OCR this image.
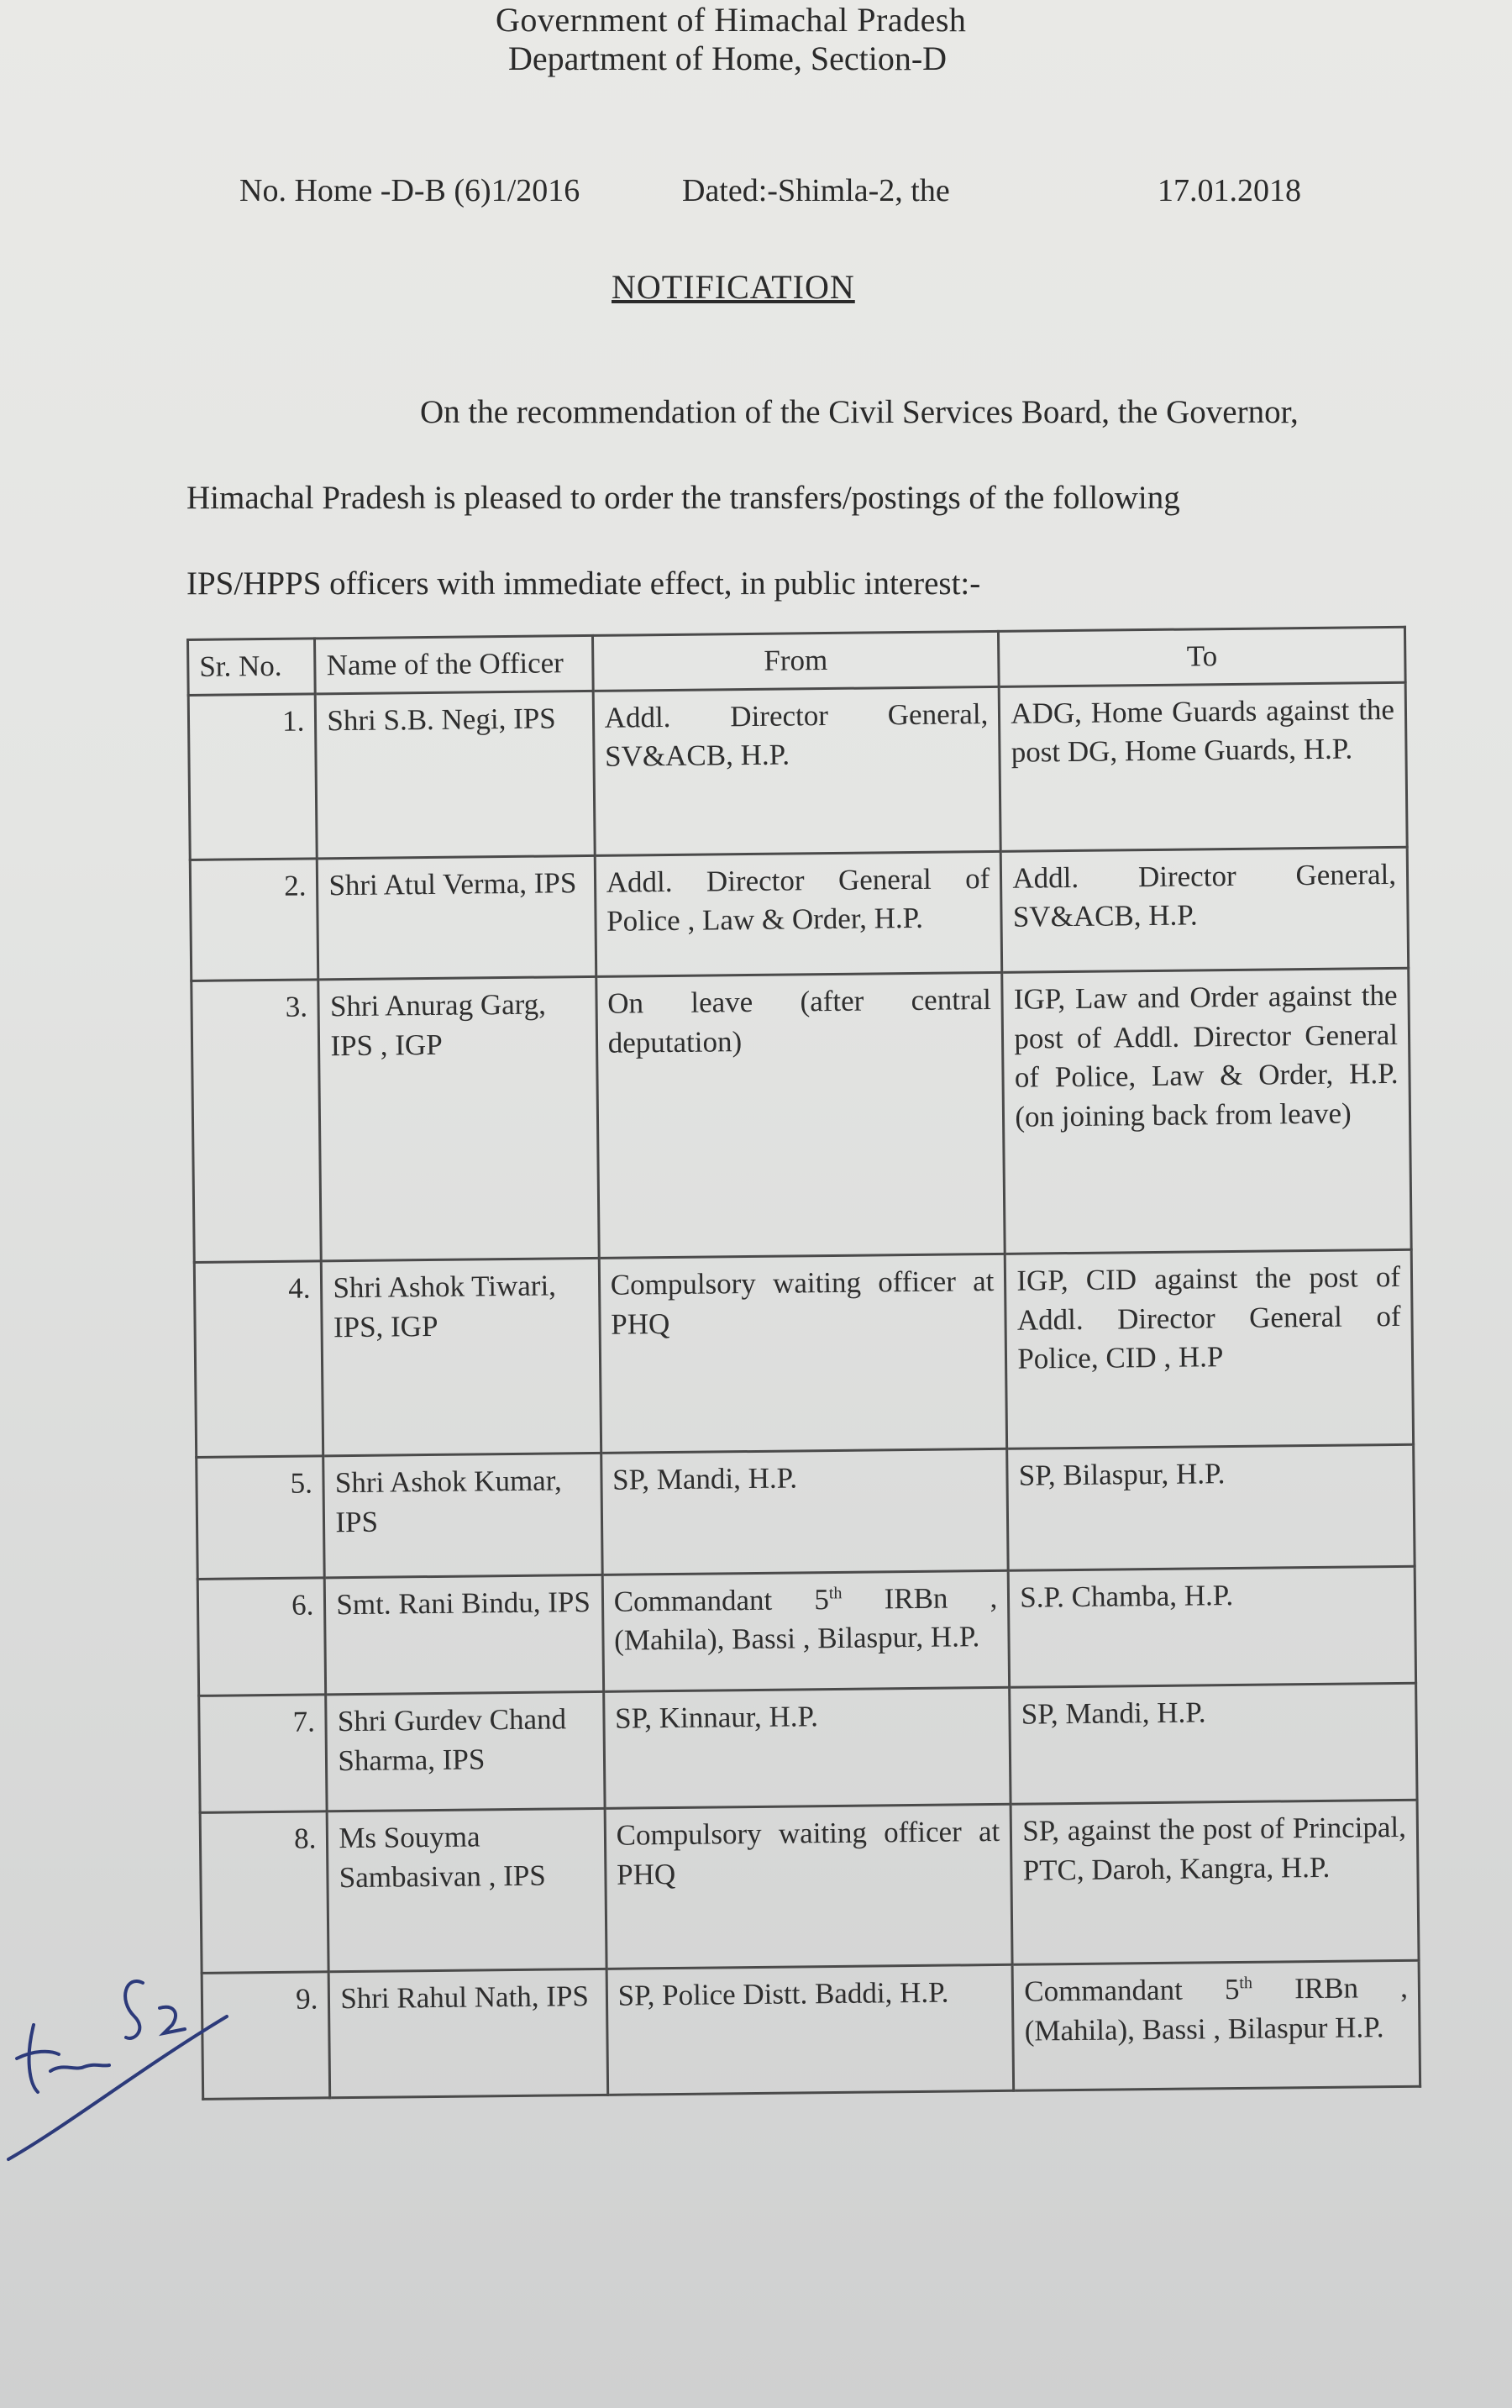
Government of Himachal Pradesh
Department of Home, Section-D
No. Home -D-B (6)1/2016	Dated:-Shimla-2, the	17.01.2018
NOTIFICATION
On the recommendation of the Civil Services Board, the Governor,
Himachal Pradesh is pleased to order the transfers/postings of the following
IPS/HPPS officers with immediate effect, in public interest:-
Sr. No.	Name of the Officer	From	To
1.	Shri S.B. Negi, IPS	Addl. Director General, SV&ACB, H.P.	ADG, Home Guards against the post DG, Home Guards, H.P.
2.	Shri Atul Verma, IPS	Addl. Director General of Police , Law & Order, H.P.	Addl. Director General, SV&ACB, H.P.
3.	Shri Anurag Garg, IPS , IGP	On leave (after central deputation)	IGP, Law and Order against the post of Addl. Director General of Police, Law & Order, H.P. (on joining back from leave)
4.	Shri Ashok Tiwari, IPS, IGP	Compulsory waiting officer at PHQ	IGP, CID against the post of Addl. Director General of Police, CID , H.P
5.	Shri Ashok Kumar, IPS	SP, Mandi, H.P.	SP, Bilaspur, H.P.
6.	Smt. Rani Bindu, IPS	Commandant 5th IRBn , (Mahila), Bassi , Bilaspur, H.P.	S.P. Chamba, H.P.
7.	Shri Gurdev Chand Sharma, IPS	SP, Kinnaur, H.P.	SP, Mandi, H.P.
8.	Ms Souyma Sambasivan , IPS	Compulsory waiting officer at PHQ	SP, against the post of Principal, PTC, Daroh, Kangra, H.P.
9.	Shri Rahul Nath, IPS	SP, Police Distt. Baddi, H.P.	Commandant 5th IRBn , (Mahila), Bassi , Bilaspur H.P.
